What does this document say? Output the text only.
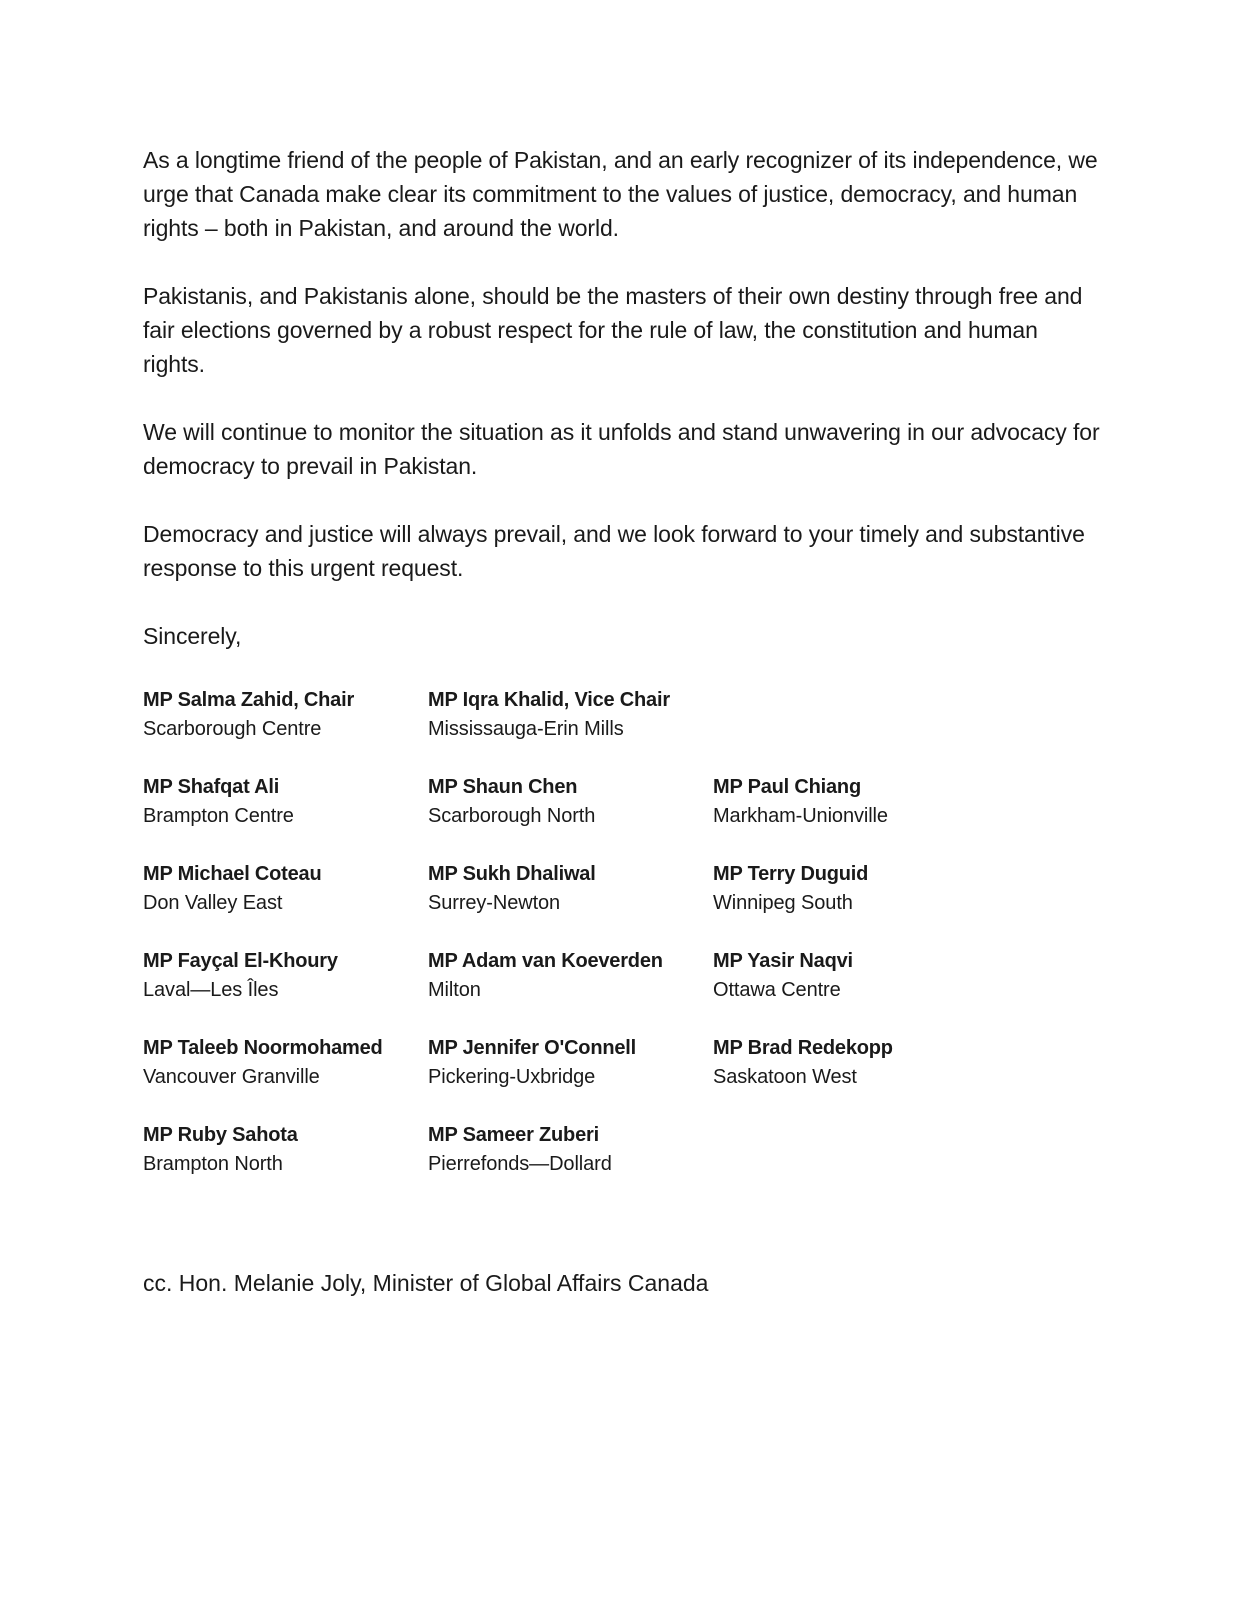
As a longtime friend of the people of Pakistan, and an early recognizer of its independence, we urge that Canada make clear its commitment to the values of justice, democracy, and human rights – both in Pakistan, and around the world.

Pakistanis, and Pakistanis alone, should be the masters of their own destiny through free and fair elections governed by a robust respect for the rule of law, the constitution and human rights.

We will continue to monitor the situation as it unfolds and stand unwavering in our advocacy for democracy to prevail in Pakistan.

Democracy and justice will always prevail, and we look forward to your timely and substantive response to this urgent request.

Sincerely,

MP Salma Zahid, Chair
Scarborough Centre
MP Iqra Khalid, Vice Chair
Mississauga-Erin Mills
MP Shafqat Ali
Brampton Centre
MP Shaun Chen
Scarborough North
MP Paul Chiang
Markham-Unionville
MP Michael Coteau
Don Valley East
MP Sukh Dhaliwal
Surrey-Newton
MP Terry Duguid
Winnipeg South
MP Fayçal El-Khoury
Laval—Les Îles
MP Adam van Koeverden
Milton
MP Yasir Naqvi
Ottawa Centre
MP Taleeb Noormohamed
Vancouver Granville
MP Jennifer O'Connell
Pickering-Uxbridge
MP Brad Redekopp
Saskatoon West
MP Ruby Sahota
Brampton North
MP Sameer Zuberi
Pierrefonds—Dollard
cc. Hon. Melanie Joly, Minister of Global Affairs Canada
